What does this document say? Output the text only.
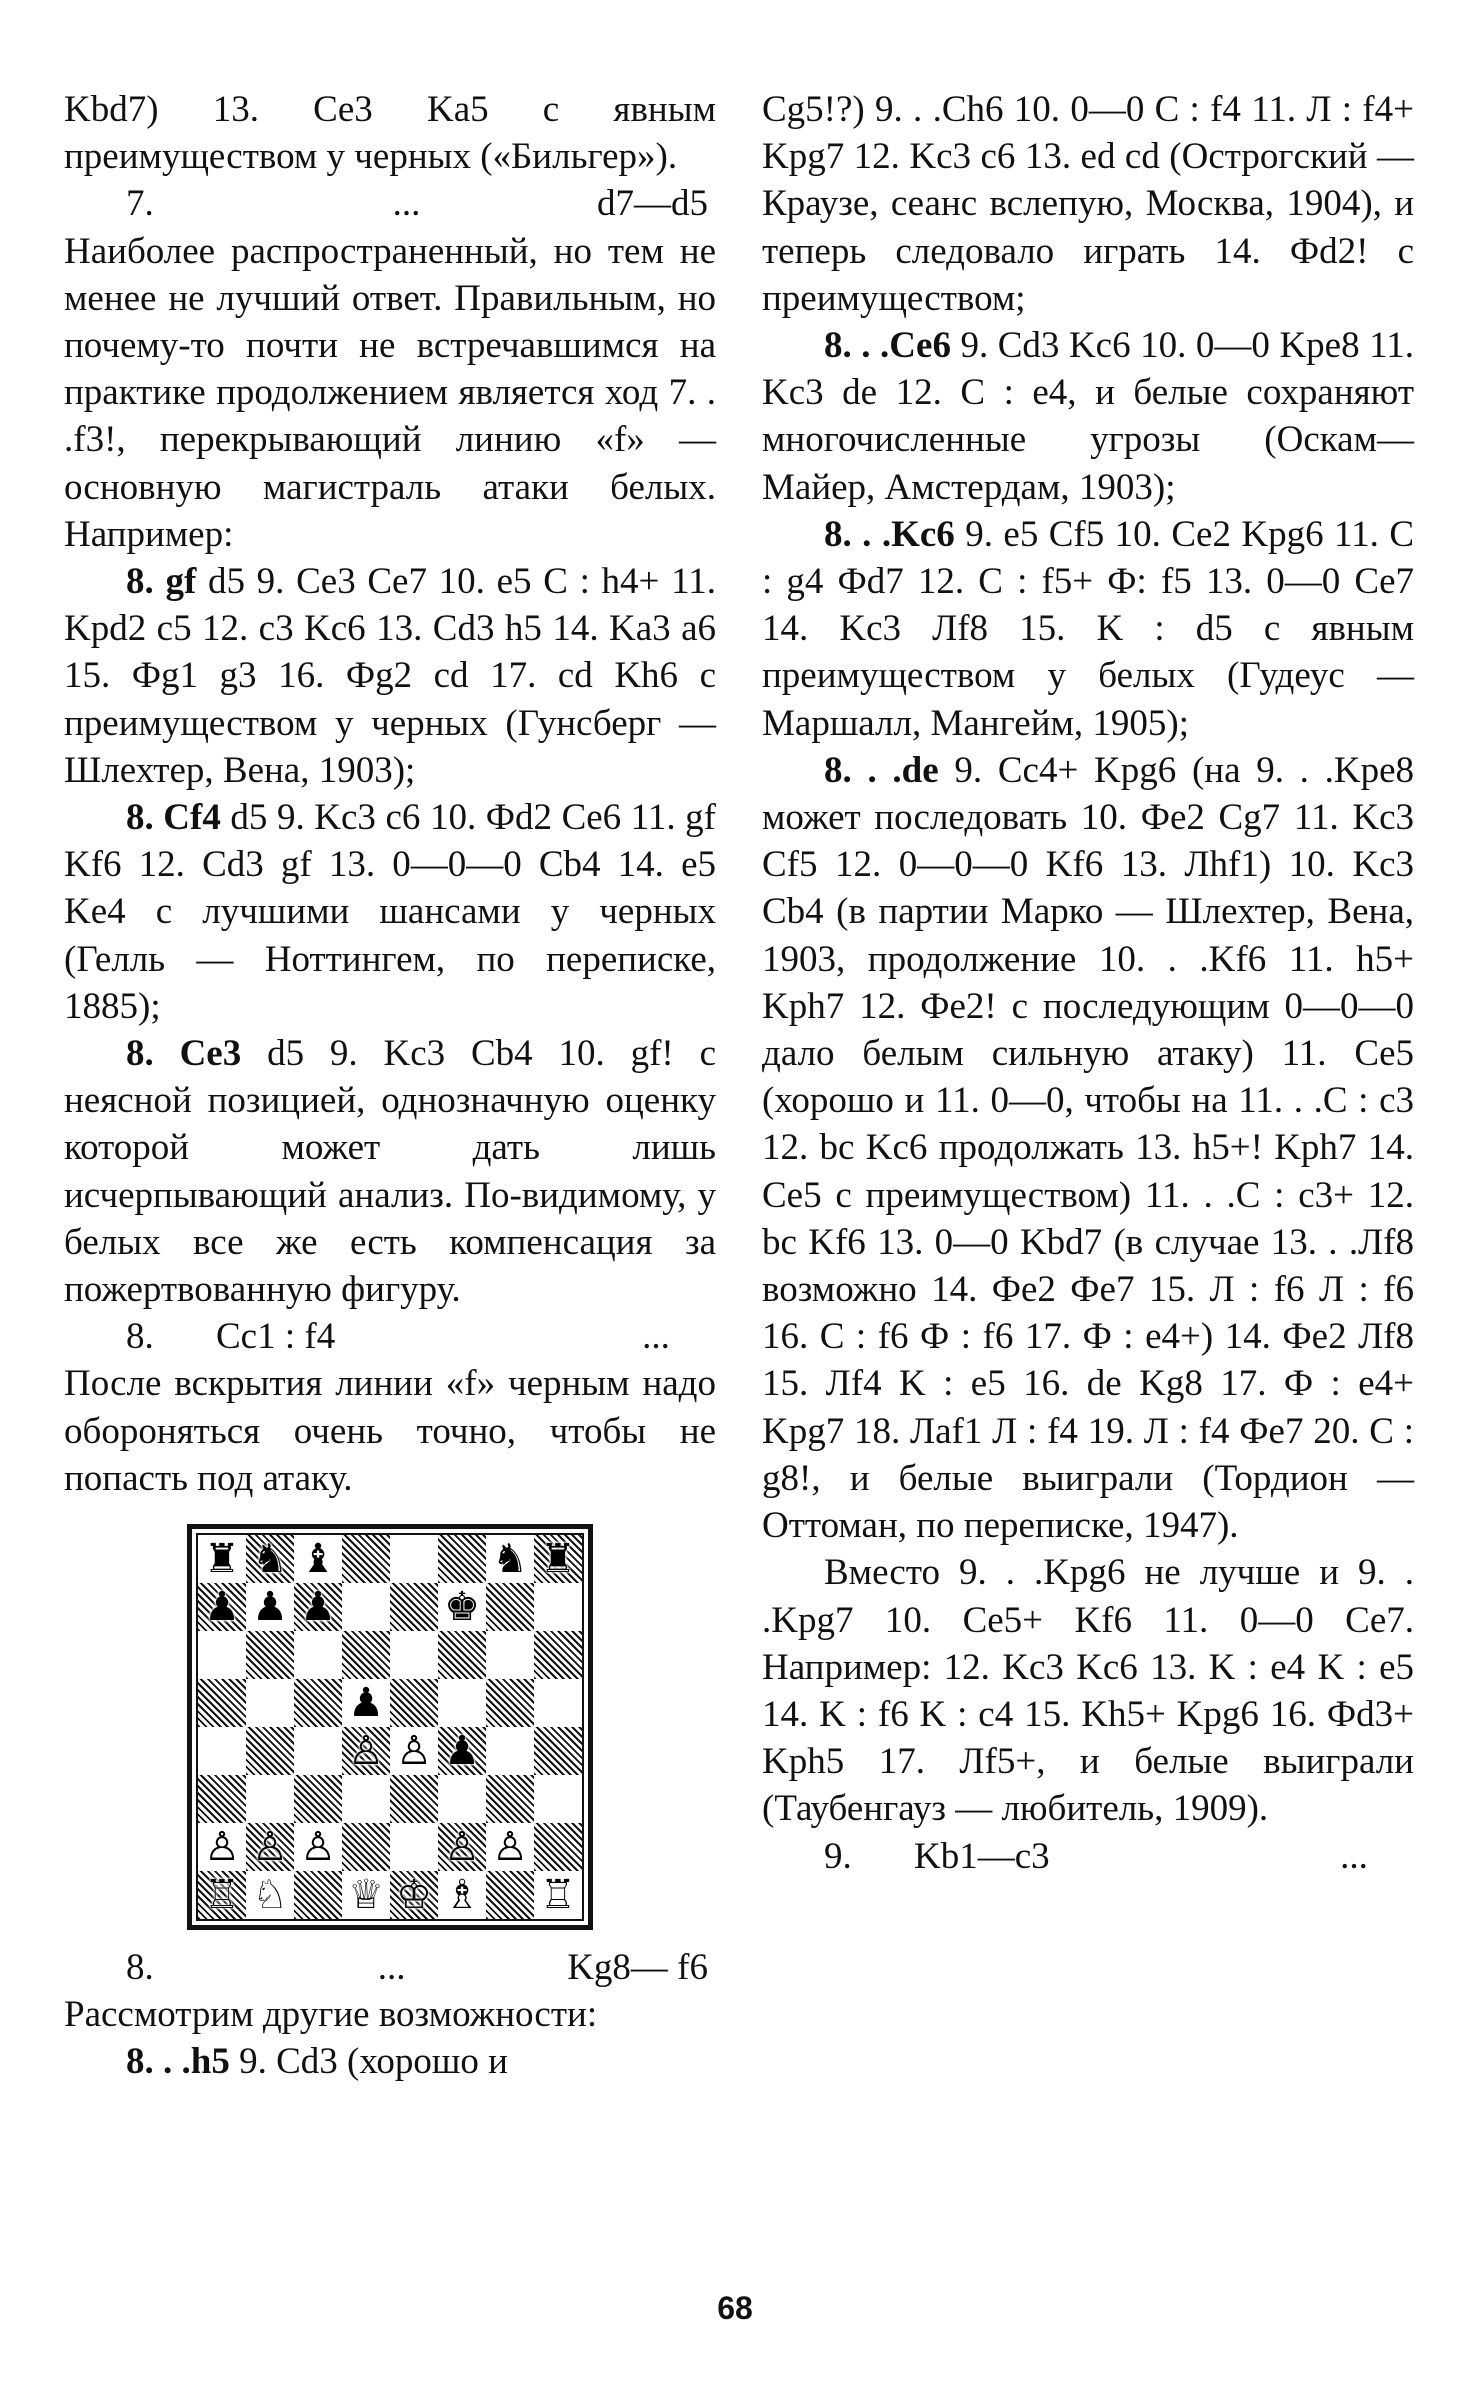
Kbd7) 13. Ce3 Ka5 с явным преимуществом у черных («Бильгер»).

7.	...	d7—d5

Наиболее распространенный, но тем не менее не лучший ответ. Правильным, но почему-то почти не встречавшимся на практике продолжением является ход 7. . .f3!, перекрывающий линию «f» — основную магистраль атаки белых. Например:

8. gf d5 9. Ce3 Ce7 10. e5 C : h4+ 11. Kpd2 c5 12. c3 Kc6 13. Cd3 h5 14. Ka3 a6 15. Фg1 g3 16. Фg2 cd 17. cd Kh6 с преимуществом у черных (Гунсберг — Шлехтер, Вена, 1903);

8. Cf4 d5 9. Kc3 c6 10. Фd2 Ce6 11. gf Kf6 12. Cd3 gf 13. 0—0—0 Cb4 14. e5 Ke4 с лучшими шансами у черных (Гелль — Ноттингем, по переписке, 1885);

8. Ce3 d5 9. Kc3 Cb4 10. gf! с неясной позицией, однозначную оценку которой может дать лишь исчерпывающий анализ. По-видимому, у белых все же есть компенсация за пожертвованную фигуру.

8.	Cc1 : f4	...

После вскрытия линии «f» черным надо обороняться очень точно, чтобы не попасть под атаку.

♜ ♞ ♝	♞ ♜
♟ ♟ ♟	♚
♟
♙ ♙ ♟
♙ ♙ ♙	♙ ♙
♖ ♘ ♕ ♔ ♗ ♖
8.	...	Kg8— f6

Рассмотрим другие возможности:

8. . .h5 9. Cd3 (хорошо и

Cg5!?) 9. . .Ch6 10. 0—0 C : f4 11. Л : f4+ Kpg7 12. Kc3 c6 13. ed cd (Острогский — Краузе, сеанс вслепую, Москва, 1904), и теперь следовало играть 14. Фd2! с преимуществом;

8. . .Ce6 9. Cd3 Kc6 10. 0—0 Kpe8 11. Kc3 de 12. C : e4, и белые сохраняют многочисленные угрозы (Оскам—Майер, Амстердам, 1903);

8. . .Kc6 9. e5 Cf5 10. Ce2 Kpg6 11. C : g4 Фd7 12. C : f5+ Ф: f5 13. 0—0 Ce7 14. Kc3 Лf8 15. K : d5 с явным преимуществом у белых (Гудеус — Маршалл, Мангейм, 1905);

8. . .de 9. Cc4+ Kpg6 (на 9. . .Kpe8 может последовать 10. Фe2 Cg7 11. Kc3 Cf5 12. 0—0—0 Kf6 13. Лhf1) 10. Kc3 Cb4 (в партии Марко — Шлехтер, Вена, 1903, продолжение 10. . .Kf6 11. h5+ Kph7 12. Фe2! с последующим 0—0—0 дало белым сильную атаку) 11. Ce5 (хорошо и 11. 0—0, чтобы на 11. . .C : c3 12. bc Kc6 продолжать 13. h5+! Kph7 14. Ce5 с преимуществом) 11. . .C : c3+ 12. bc Kf6 13. 0—0 Kbd7 (в случае 13. . .Лf8 возможно 14. Фe2 Фe7 15. Л : f6 Л : f6 16. C : f6 Ф : f6 17. Ф : e4+) 14. Фe2 Лf8 15. Лf4 K : e5 16. de Kg8 17. Ф : e4+ Kpg7 18. Лaf1 Л : f4 19. Л : f4 Фe7 20. C : g8!, и белые выиграли (Тордион — Оттоман, по переписке, 1947).

Вместо 9. . .Kpg6 не лучше и 9. . .Kpg7 10. Ce5+ Kf6 11. 0—0 Ce7. Например: 12. Kc3 Kc6 13. K : e4 K : e5 14. K : f6 K : c4 15. Kh5+ Kpg6 16. Фd3+ Kph5 17. Лf5+, и белые выиграли (Таубенгауз — любитель, 1909).

9.	Kb1—c3	...
68
